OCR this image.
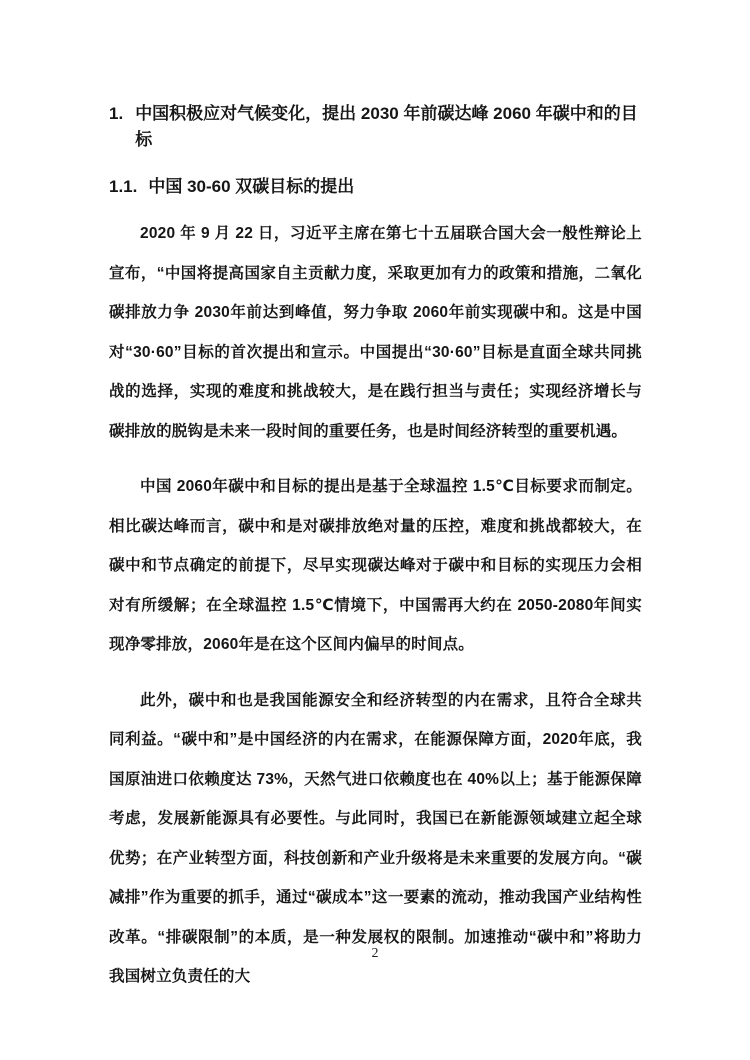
1. 中国积极应对气候变化，提出 2030 年前碳达峰 2060 年碳中和的目标
1.1. 中国 30-60 双碳目标的提出

2020 年 9 月 22 日，习近平主席在第七十五届联合国大会一般性辩论上宣布，“中国将提高国家自主贡献力度，采取更加有力的政策和措施，二氧化碳排放力争 2030年前达到峰值，努力争取 2060年前实现碳中和。这是中国对“30·60”目标的首次提出和宣示。中国提出“30·60”目标是直面全球共同挑战的选择，实现的难度和挑战较大，是在践行担当与责任；实现经济增长与碳排放的脱钩是未来一段时间的重要任务，也是时间经济转型的重要机遇。

中国 2060年碳中和目标的提出是基于全球温控 1.5℃目标要求而制定。相比碳达峰而言，碳中和是对碳排放绝对量的压控，难度和挑战都较大，在碳中和节点确定的前提下，尽早实现碳达峰对于碳中和目标的实现压力会相对有所缓解；在全球温控 1.5℃情境下，中国需再大约在 2050-2080年间实现净零排放，2060年是在这个区间内偏早的时间点。

此外，碳中和也是我国能源安全和经济转型的内在需求，且符合全球共同利益。“碳中和”是中国经济的内在需求，在能源保障方面，2020年底，我国原油进口依赖度达 73%，天然气进口依赖度也在 40%以上；基于能源保障考虑，发展新能源具有必要性。与此同时，我国已在新能源领域建立起全球优势；在产业转型方面，科技创新和产业升级将是未来重要的发展方向。“碳减排”作为重要的抓手，通过“碳成本”这一要素的流动，推动我国产业结构性改革。“排碳限制”的本质，是一种发展权的限制。加速推动“碳中和”将助力我国树立负责任的大

2
